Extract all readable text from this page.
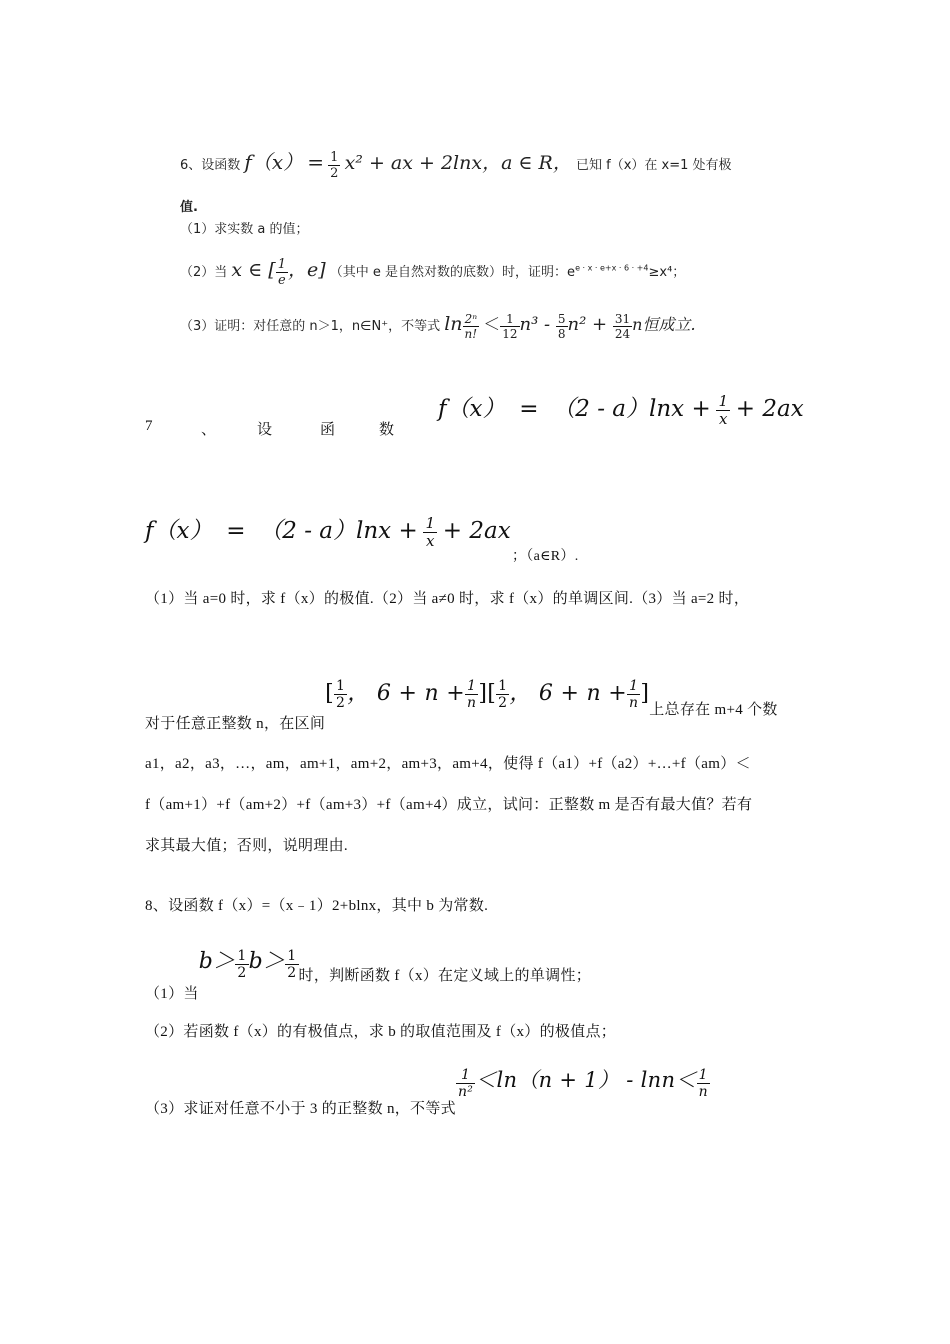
6、设函数 $f(x) = \frac{1}{2} x^2$ + ax + 2lnx，a ∈ R， 已知 f（x）在 x=1 处有极
值.
（1）求实数 a 的值；
（2）当 x ∈ [ $\frac{1}{e}$ ，e] （其中 e 是自然对数的底数）时，证明：$e^{e \cdot x \cdot e+x \cdot 6 \cdot +4}\ge x^4$；
（3）证明：对任意的 n＞1，n∈N⁺，不等式 $\ln \frac{\text{2ⁿ}}{n!} < \frac{1}{12} n^3 - \frac{5}{8} n^2 + \frac{31}{24}$ n恒成立.
7	、	设	函	数
$f(x) = (2 - a)\ln x + \frac{1}{x} + 2ax$
$f(x) = (2 - a)\ln x + \frac{1}{x} + 2ax$
；（a∈R）.
（1）当 a=0 时，求 f（x）的极值.（2）当 a≠0 时，求 f（x）的单调区间.（3）当 a=2 时，
对于任意正整数 n，在区间[ $\frac{1}{2}$ ， $6 + n + \frac{1}{n}$ ][ $\frac{1}{2}$ ， $6 + n + \frac{1}{n}$ ]上总存在 m+4 个数
a1，a2，a3，…，am，am+1，am+2，am+3，am+4，使得 f（a1）+f（a2）+…+f（am）＜
f（am+1）+f（am+2）+f（am+3）+f（am+4）成立，试问：正整数 m 是否有最大值？若有
求其最大值；否则，说明理由.
8、设函数 f（x）=（x﹣1）2+blnx，其中 b 为常数.
（1）当$b> \frac{1}{2} b> \frac{1}{2}$ 时，判断函数 f（x）在定义域上的单调性；
（2）若函数 f（x）的有极值点，求 b 的取值范围及 f（x）的极值点；
（3）求证对任意不小于 3 的正整数 n，不等式
$\frac{1}{\text{n²}} <\ln(n + 1) - \ln n< \frac{1}{n}$
